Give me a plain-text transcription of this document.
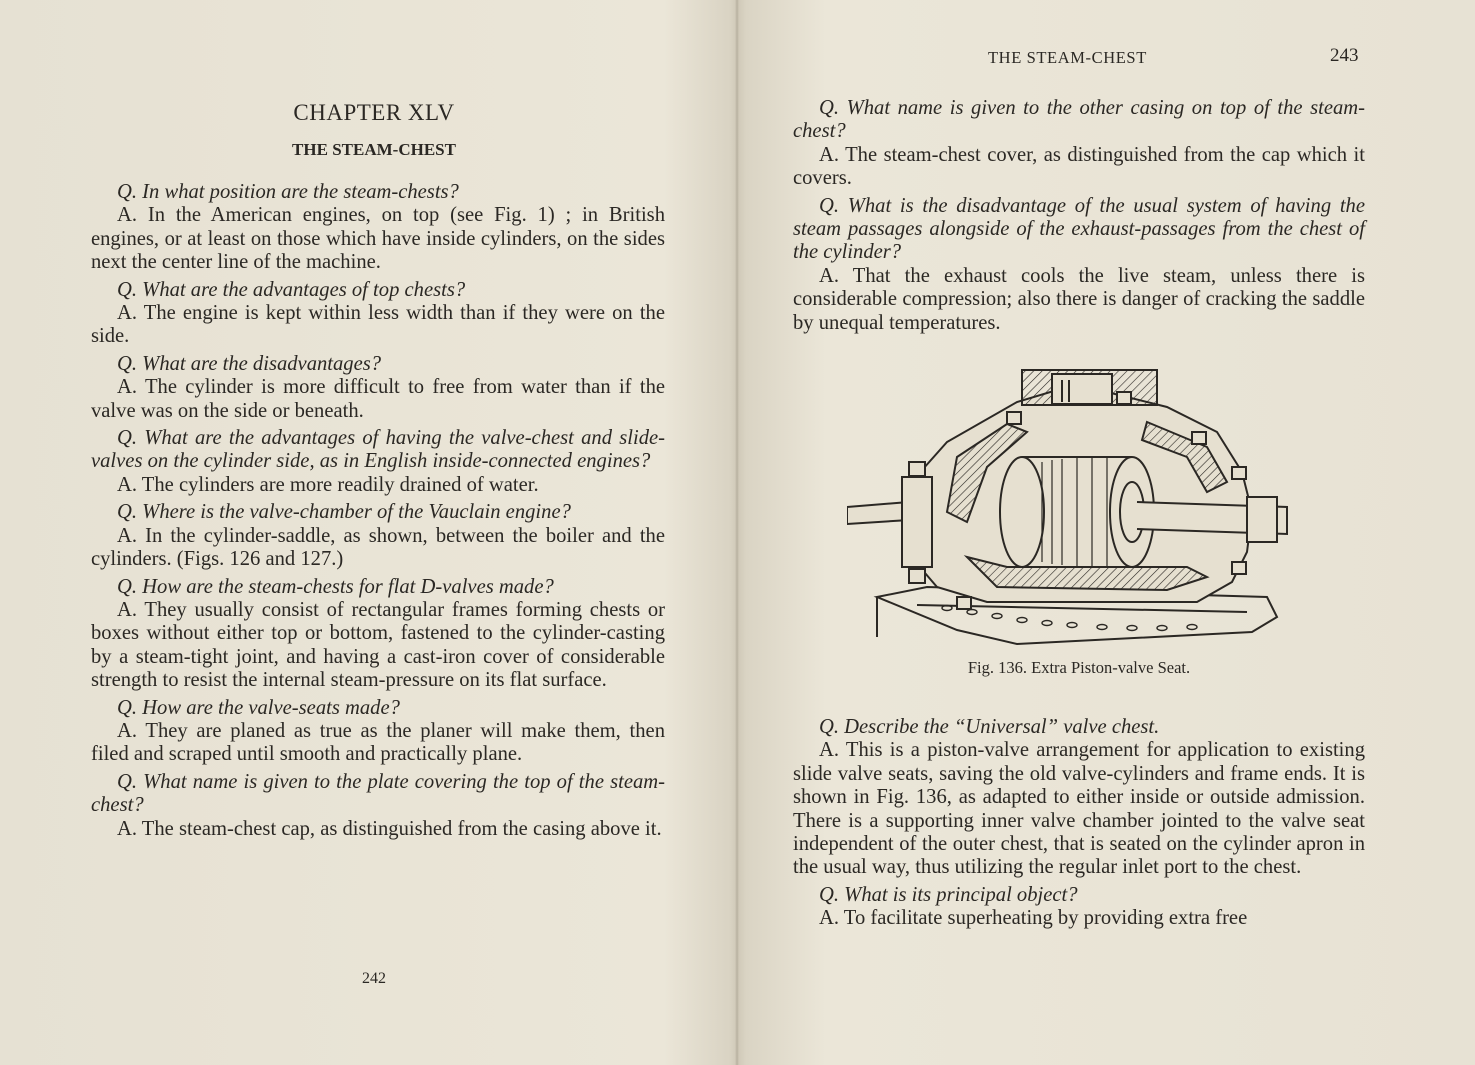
CHAPTER XLV
THE STEAM-CHEST
Q. In what position are the steam-chests?
A. In the American engines, on top (see Fig. 1) ; in British engines, or at least on those which have inside cylinders, on the sides next the center line of the machine.
Q. What are the advantages of top chests?
A. The engine is kept within less width than if they were on the side.
Q. What are the disadvantages?
A. The cylinder is more difficult to free from water than if the valve was on the side or beneath.
Q. What are the advantages of having the valve-chest and slide-valves on the cylinder side, as in English inside-connected engines?
A. The cylinders are more readily drained of water.
Q. Where is the valve-chamber of the Vauclain engine?
A. In the cylinder-saddle, as shown, between the boiler and the cylinders. (Figs. 126 and 127.)
Q. How are the steam-chests for flat D-valves made?
A. They usually consist of rectangular frames forming chests or boxes without either top or bottom, fastened to the cylinder-casting by a steam-tight joint, and having a cast-iron cover of considerable strength to resist the internal steam-pressure on its flat surface.
Q. How are the valve-seats made?
A. They are planed as true as the planer will make them, then filed and scraped until smooth and practically plane.
Q. What name is given to the plate covering the top of the steam-chest?
A. The steam-chest cap, as distinguished from the casing above it.
242
THE STEAM-CHEST	243
Q. What name is given to the other casing on top of the steam-chest?
A. The steam-chest cover, as distinguished from the cap which it covers.
Q. What is the disadvantage of the usual system of having the steam passages alongside of the exhaust-passages from the chest of the cylinder?
A. That the exhaust cools the live steam, unless there is considerable compression; also there is danger of cracking the saddle by unequal temperatures.
Fig. 136. Extra Piston-valve Seat.
Q. Describe the “Universal” valve chest.
A. This is a piston-valve arrangement for application to existing slide valve seats, saving the old valve-cylinders and frame ends. It is shown in Fig. 136, as adapted to either inside or outside admission. There is a supporting inner valve chamber jointed to the valve seat independent of the outer chest, that is seated on the cylinder apron in the usual way, thus utilizing the regular inlet port to the chest.
Q. What is its principal object?
A. To facilitate superheating by providing extra free
